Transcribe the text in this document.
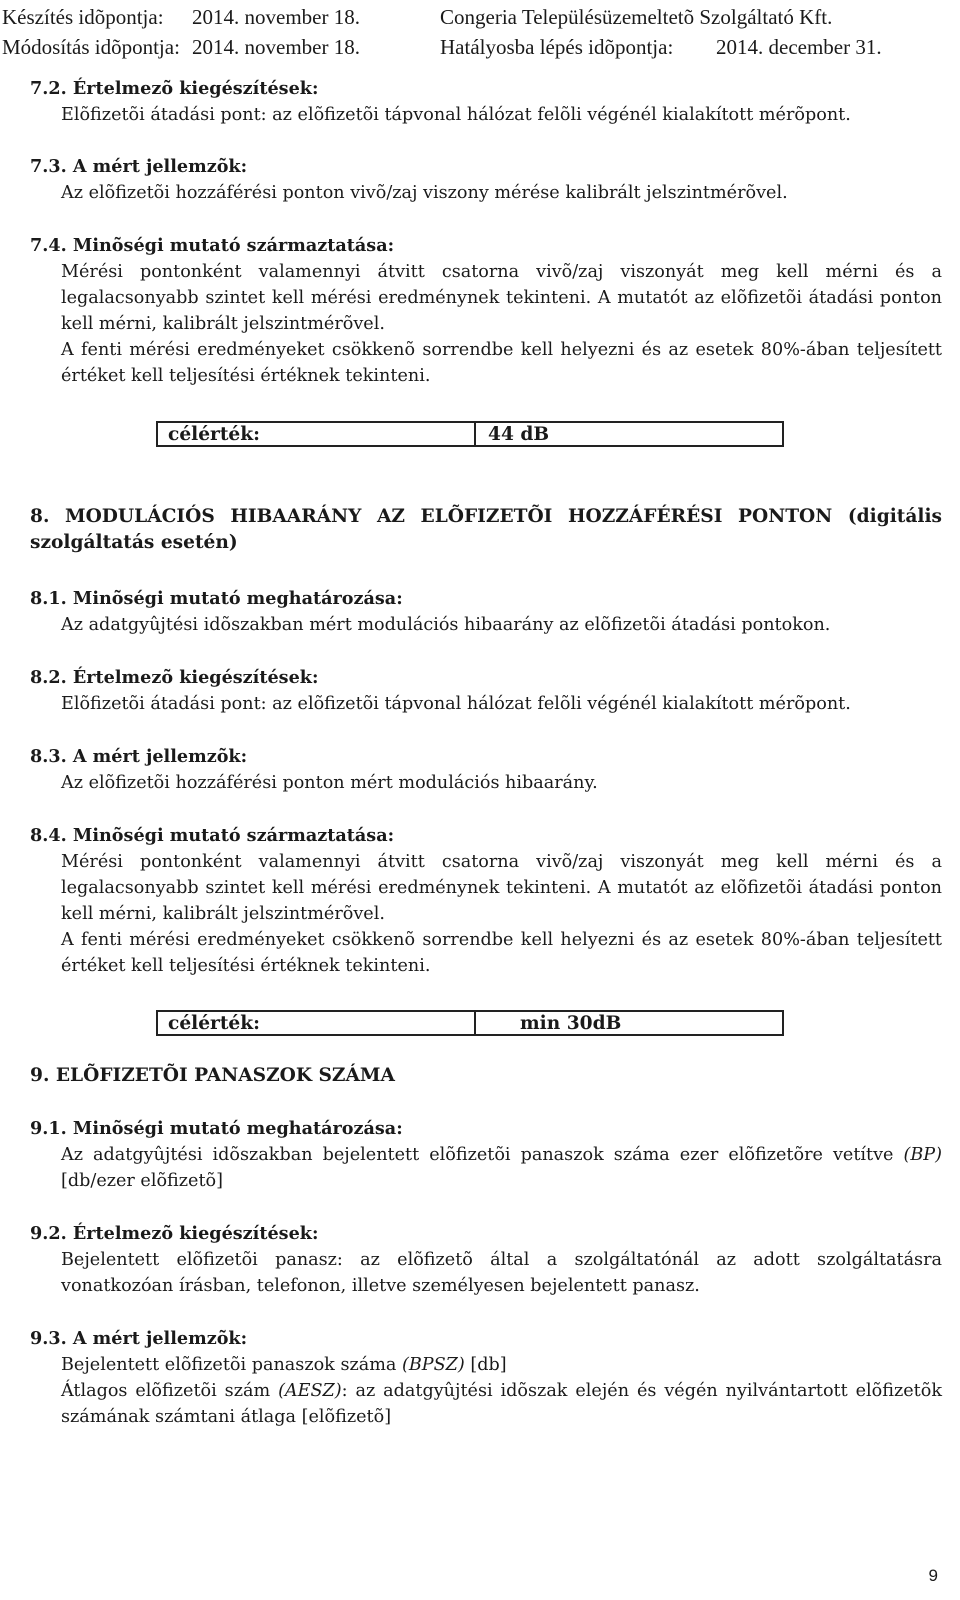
Készítés idõpontja: 2014. november 18.	Congeria Településüzemeltetõ Szolgáltató Kft.
Módosítás idõpontja: 2014. november 18.	Hatályosba lépés idõpontja: 2014. december 31.
7.2. Értelmezõ kiegészítések:
Elõfizetõi átadási pont: az elõfizetõi tápvonal hálózat felõli végénél kialakított mérõpont.
7.3. A mért jellemzõk:
Az elõfizetõi hozzáférési ponton vivõ/zaj viszony mérése kalibrált jelszintmérõvel.
7.4. Minõségi mutató származtatása:
Mérési pontonként valamennyi átvitt csatorna vivõ/zaj viszonyát meg kell mérni és a legalacsonyabb szintet kell mérési eredménynek tekinteni. A mutatót az elõfizetõi átadási ponton kell mérni, kalibrált jelszintmérõvel.
A fenti mérési eredményeket csökkenõ sorrendbe kell helyezni és az esetek 80%-ában teljesített értéket kell teljesítési értéknek tekinteni.
célérték:	44 dB
8. MODULÁCIÓS HIBAARÁNY AZ ELÕFIZETÕI HOZZÁFÉRÉSI PONTON (digitális szolgáltatás esetén)
8.1. Minõségi mutató meghatározása:
Az adatgyûjtési idõszakban mért modulációs hibaarány az elõfizetõi átadási pontokon.
8.2. Értelmezõ kiegészítések:
Elõfizetõi átadási pont: az elõfizetõi tápvonal hálózat felõli végénél kialakított mérõpont.
8.3. A mért jellemzõk:
Az elõfizetõi hozzáférési ponton mért modulációs hibaarány.
8.4. Minõségi mutató származtatása:
Mérési pontonként valamennyi átvitt csatorna vivõ/zaj viszonyát meg kell mérni és a legalacsonyabb szintet kell mérési eredménynek tekinteni. A mutatót az elõfizetõi átadási ponton kell mérni, kalibrált jelszintmérõvel.
A fenti mérési eredményeket csökkenõ sorrendbe kell helyezni és az esetek 80%-ában teljesített értéket kell teljesítési értéknek tekinteni.
célérték:	min 30dB
9. ELÕFIZETÕI PANASZOK SZÁMA
9.1. Minõségi mutató meghatározása:
Az adatgyûjtési idõszakban bejelentett elõfizetõi panaszok száma ezer elõfizetõre vetítve (BP) [db/ezer elõfizetõ]
9.2. Értelmezõ kiegészítések:
Bejelentett elõfizetõi panasz: az elõfizetõ által a szolgáltatónál az adott szolgáltatásra vonatkozóan írásban, telefonon, illetve személyesen bejelentett panasz.
9.3. A mért jellemzõk:
Bejelentett elõfizetõi panaszok száma (BPSZ) [db]
Átlagos elõfizetõi szám (AESZ): az adatgyûjtési idõszak elején és végén nyilvántartott elõfizetõk számának számtani átlaga [elõfizetõ]
9
